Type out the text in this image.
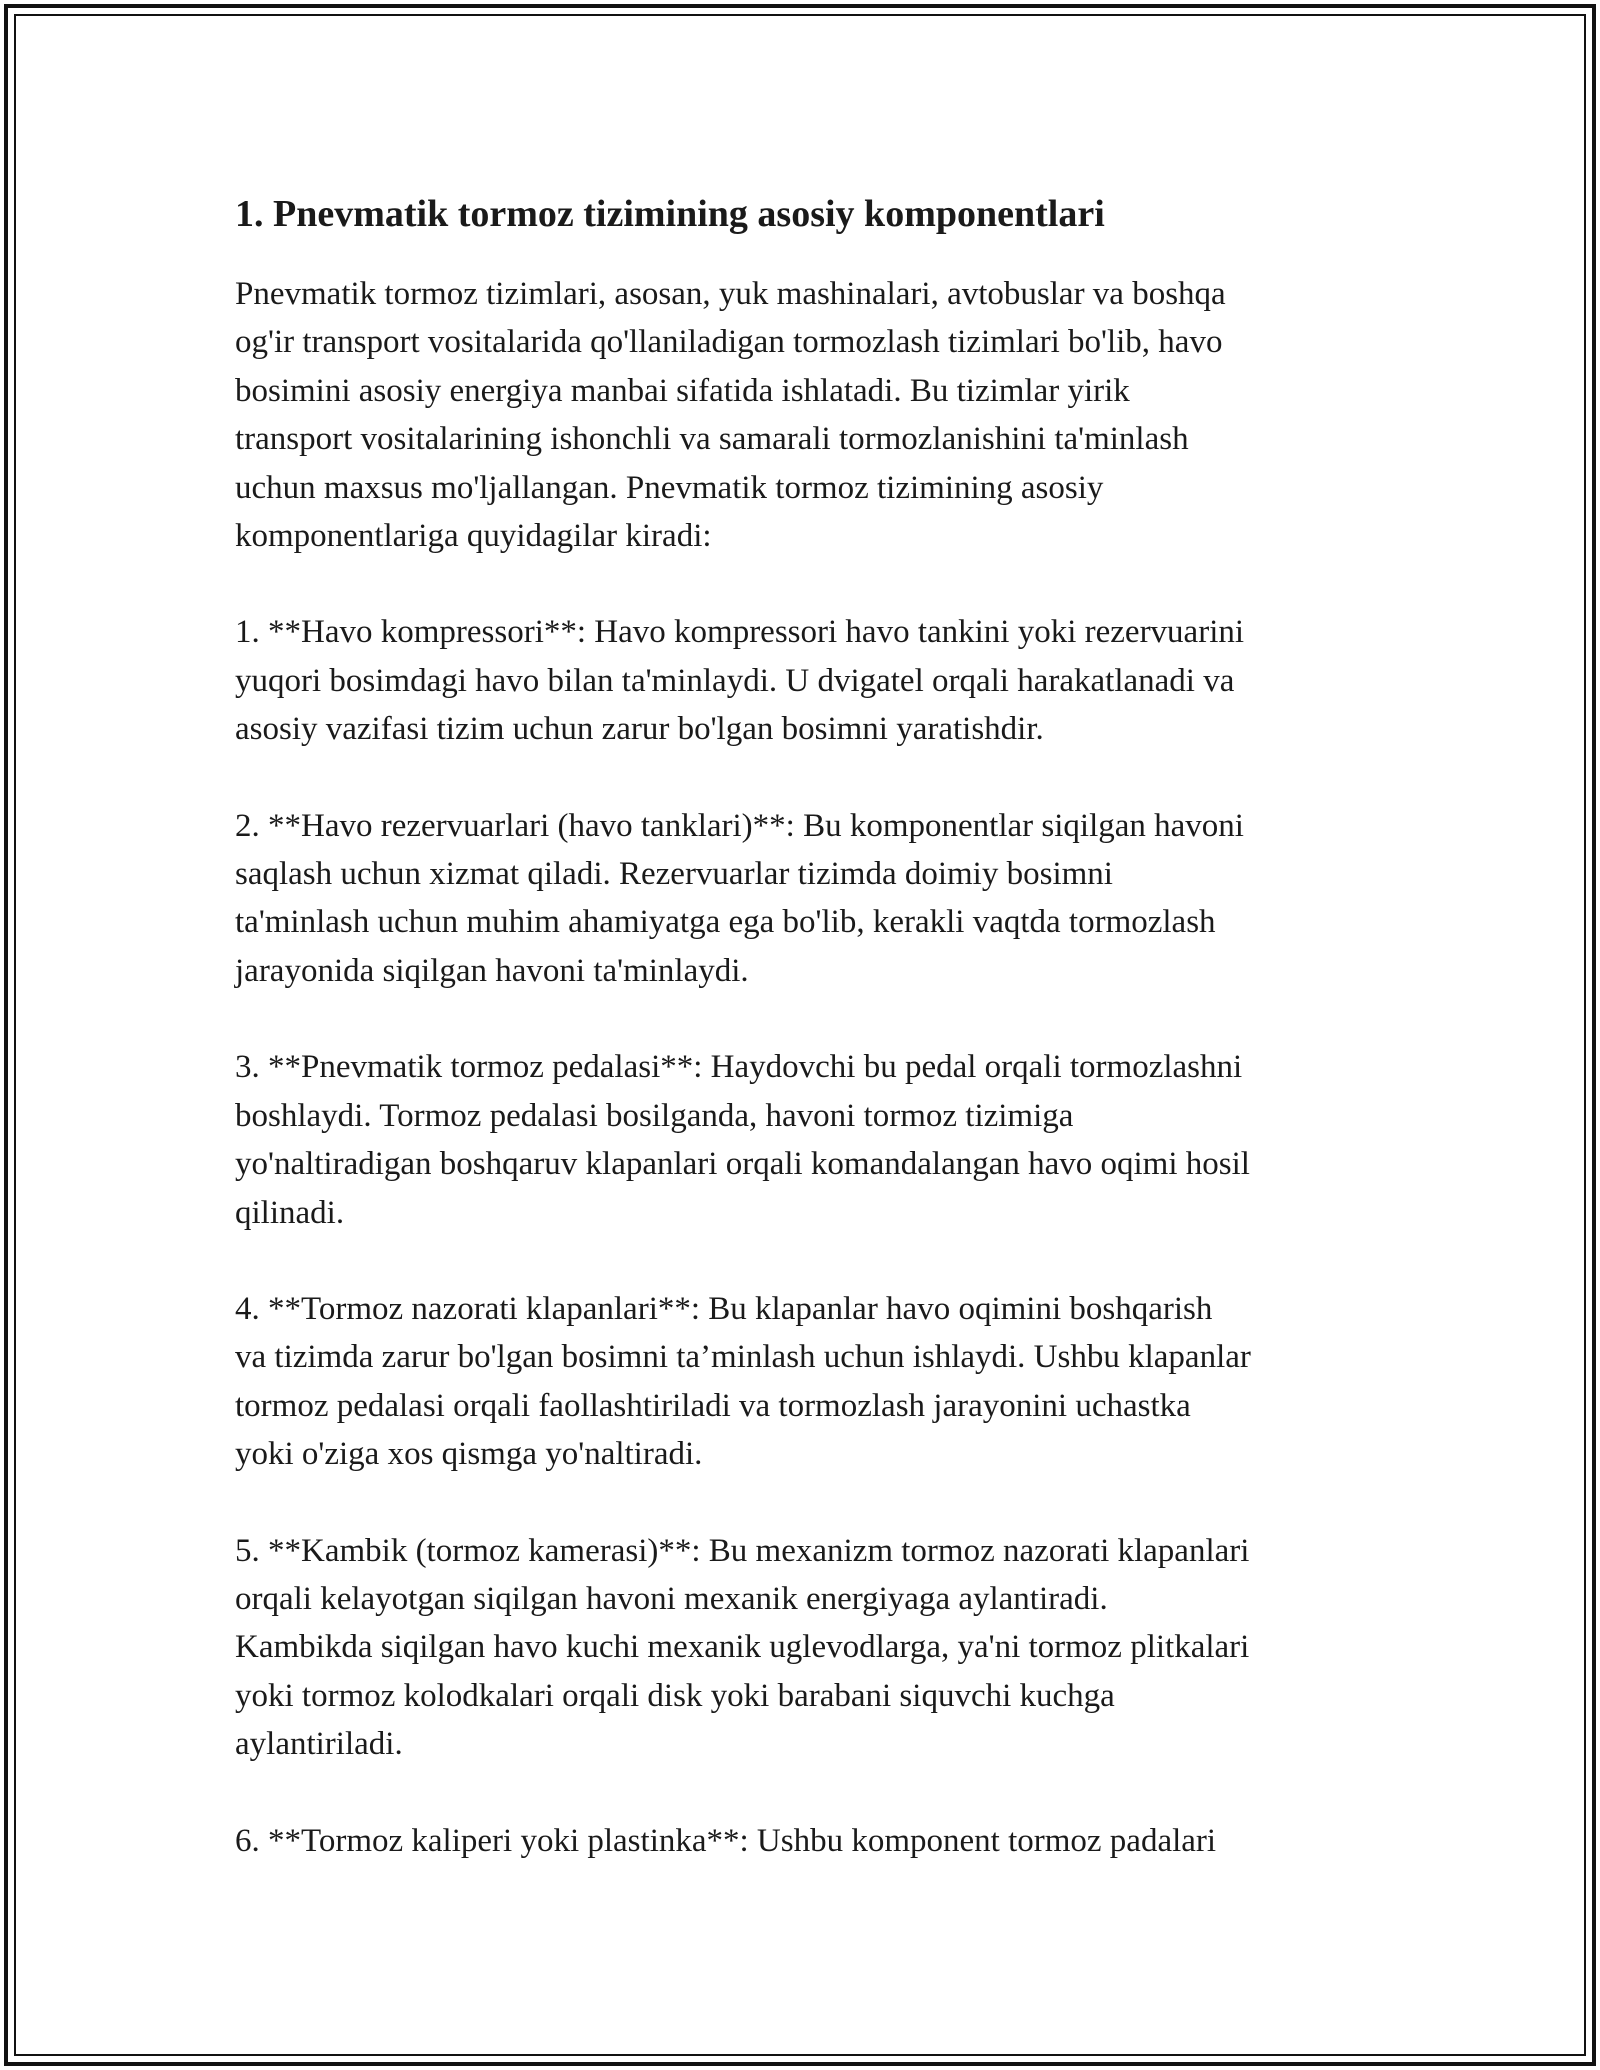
1. Pnevmatik tormoz tizimining asosiy komponentlari

Pnevmatik tormoz tizimlari, asosan, yuk mashinalari, avtobuslar va boshqa
og'ir transport vositalarida qo'llaniladigan tormozlash tizimlari bo'lib, havo
bosimini asosiy energiya manbai sifatida ishlatadi. Bu tizimlar yirik
transport vositalarining ishonchli va samarali tormozlanishini ta'minlash
uchun maxsus mo'ljallangan. Pnevmatik tormoz tizimining asosiy
komponentlariga quyidagilar kiradi:

1. **Havo kompressori**: Havo kompressori havo tankini yoki rezervuarini
yuqori bosimdagi havo bilan ta'minlaydi. U dvigatel orqali harakatlanadi va
asosiy vazifasi tizim uchun zarur bo'lgan bosimni yaratishdir.

2. **Havo rezervuarlari (havo tanklari)**: Bu komponentlar siqilgan havoni
saqlash uchun xizmat qiladi. Rezervuarlar tizimda doimiy bosimni
ta'minlash uchun muhim ahamiyatga ega bo'lib, kerakli vaqtda tormozlash
jarayonida siqilgan havoni ta'minlaydi.

3. **Pnevmatik tormoz pedalasi**: Haydovchi bu pedal orqali tormozlashni
boshlaydi. Tormoz pedalasi bosilganda, havoni tormoz tizimiga
yo'naltiradigan boshqaruv klapanlari orqali komandalangan havo oqimi hosil
qilinadi.

4. **Tormoz nazorati klapanlari**: Bu klapanlar havo oqimini boshqarish
va tizimda zarur bo'lgan bosimni ta’minlash uchun ishlaydi. Ushbu klapanlar
tormoz pedalasi orqali faollashtiriladi va tormozlash jarayonini uchastka
yoki o'ziga xos qismga yo'naltiradi.

5. **Kambik (tormoz kamerasi)**: Bu mexanizm tormoz nazorati klapanlari
orqali kelayotgan siqilgan havoni mexanik energiyaga aylantiradi.
Kambikda siqilgan havo kuchi mexanik uglevodlarga, ya'ni tormoz plitkalari
yoki tormoz kolodkalari orqali disk yoki barabani siquvchi kuchga
aylantiriladi.

6. **Tormoz kaliperi yoki plastinka**: Ushbu komponent tormoz padalari
